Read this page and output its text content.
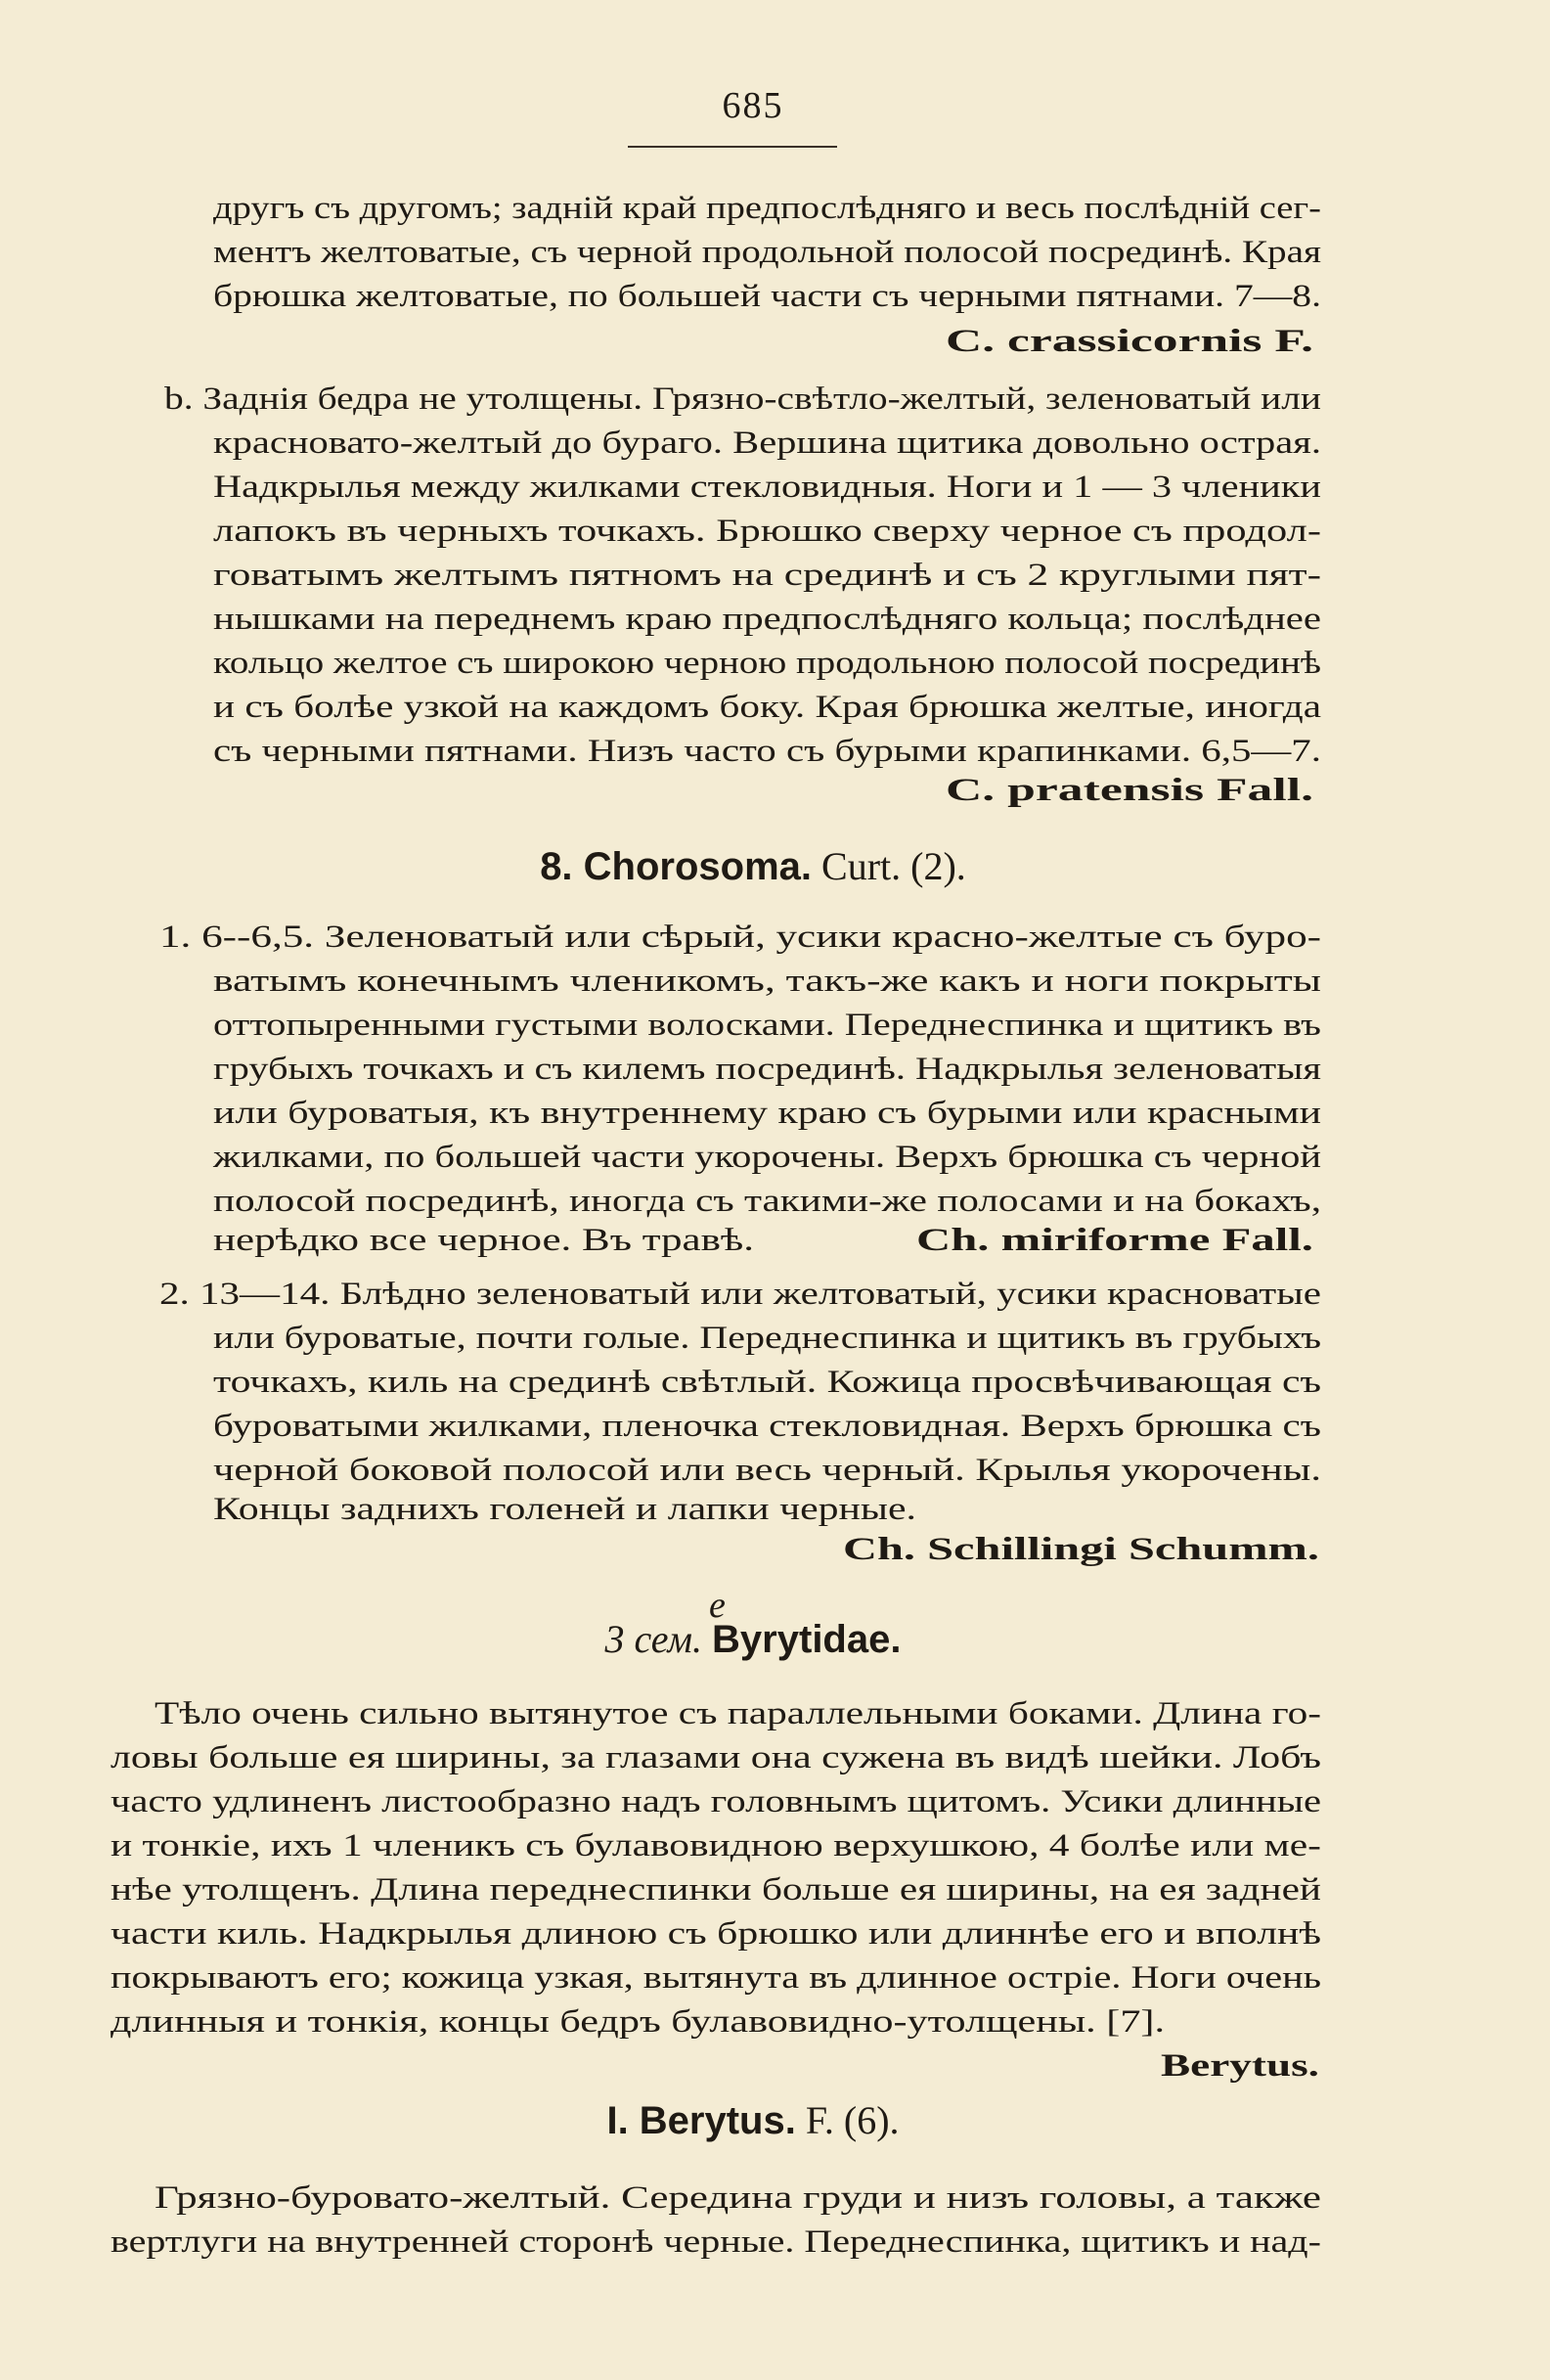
685
другъ съ другомъ; задній край предпослѣдняго и весь послѣдній сег-
ментъ желтоватые, съ черной продольной полосой посрединѣ. Края
брюшка желтоватые, по большей части съ черными пятнами. 7—8.
C. crassicornis F.
b. Заднія бедра не утолщены. Грязно-свѣтло-желтый, зеленоватый или
красновато-желтый до бураго. Вершина щитика довольно острая.
Надкрылья между жилками стекловидныя. Ноги и 1 — 3 членики
лапокъ въ черныхъ точкахъ. Брюшко сверху черное съ продол-
говатымъ желтымъ пятномъ на срединѣ и съ 2 круглыми пят-
нышками на переднемъ краю предпослѣдняго кольца; послѣднее
кольцо желтое съ широкою черною продольною полосой посрединѣ
и съ болѣе узкой на каждомъ боку. Края брюшка желтые, иногда
съ черными пятнами. Низъ часто съ бурыми крапинками. 6,5—7.
C. pratensis Fall.
8. Chorosoma. Curt. (2).
1. 6--6,5. Зеленоватый или сѣрый, усики красно-желтые съ буро-
ватымъ конечнымъ членикомъ, такъ-же какъ и ноги покрыты
оттопыренными густыми волосками. Переднеспинка и щитикъ въ
грубыхъ точкахъ и съ килемъ посрединѣ. Надкрылья зеленоватыя
или буроватыя, къ внутреннему краю съ бурыми или красными
жилками, по большей части укорочены. Верхъ брюшка съ черной
полосой посрединѣ, иногда съ такими-же полосами и на бокахъ,
нерѣдко все черное. Въ травѣ.	Ch. miriforme Fall.
2. 13—14. Блѣдно зеленоватый или желтоватый, усики красноватые
или буроватые, почти голые. Переднеспинка и щитикъ въ грубыхъ
точкахъ, киль на срединѣ свѣтлый. Кожица просвѣчивающая съ
буроватыми жилками, пленочка стекловидная. Верхъ брюшка съ
черной боковой полосой или весь черный. Крылья укорочены.
Концы заднихъ голеней и лапки черные.
Ch. Schillingi Schumm.
3 сем. Byrytidae.
e
Тѣло очень сильно вытянутое съ параллельными боками. Длина го-
ловы больше ея ширины, за глазами она сужена въ видѣ шейки. Лобъ
часто удлиненъ листообразно надъ головнымъ щитомъ. Усики длинные
и тонкіе, ихъ 1 членикъ съ булавовидною верхушкою, 4 болѣе или ме-
нѣе утолщенъ. Длина переднеспинки больше ея ширины, на ея задней
части киль. Надкрылья длиною съ брюшко или длиннѣе его и вполнѣ
покрываютъ его; кожица узкая, вытянута въ длинное остріе. Ноги очень
длинныя и тонкія, концы бедръ булавовидно-утолщены. [7].
Berytus.
I. Berytus. F. (6).
Грязно-буровато-желтый. Середина груди и низъ головы, а также
вертлуги на внутренней сторонѣ черные. Переднеспинка, щитикъ и над-
